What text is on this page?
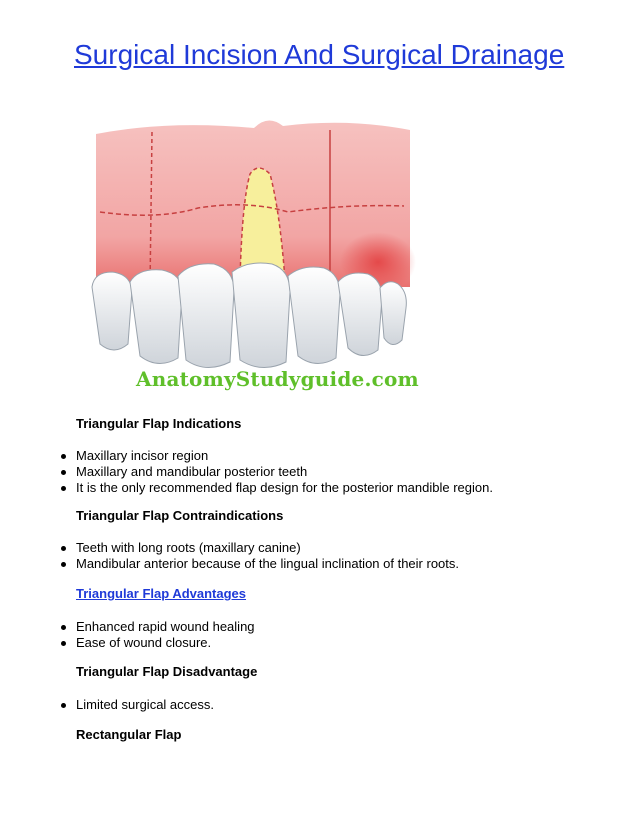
Surgical Incision And Surgical Drainage
AnatomyStudyguide.com
Triangular Flap Indications
Maxillary incisor region
Maxillary and mandibular posterior teeth
It is the only recommended flap design for the posterior mandible region.
Triangular Flap Contraindications
Teeth with long roots (maxillary canine)
Mandibular anterior because of the lingual inclination of their roots.
Triangular Flap Advantages
Enhanced rapid wound healing
Ease of wound closure.
Triangular Flap Disadvantage
Limited surgical access.
Rectangular Flap
